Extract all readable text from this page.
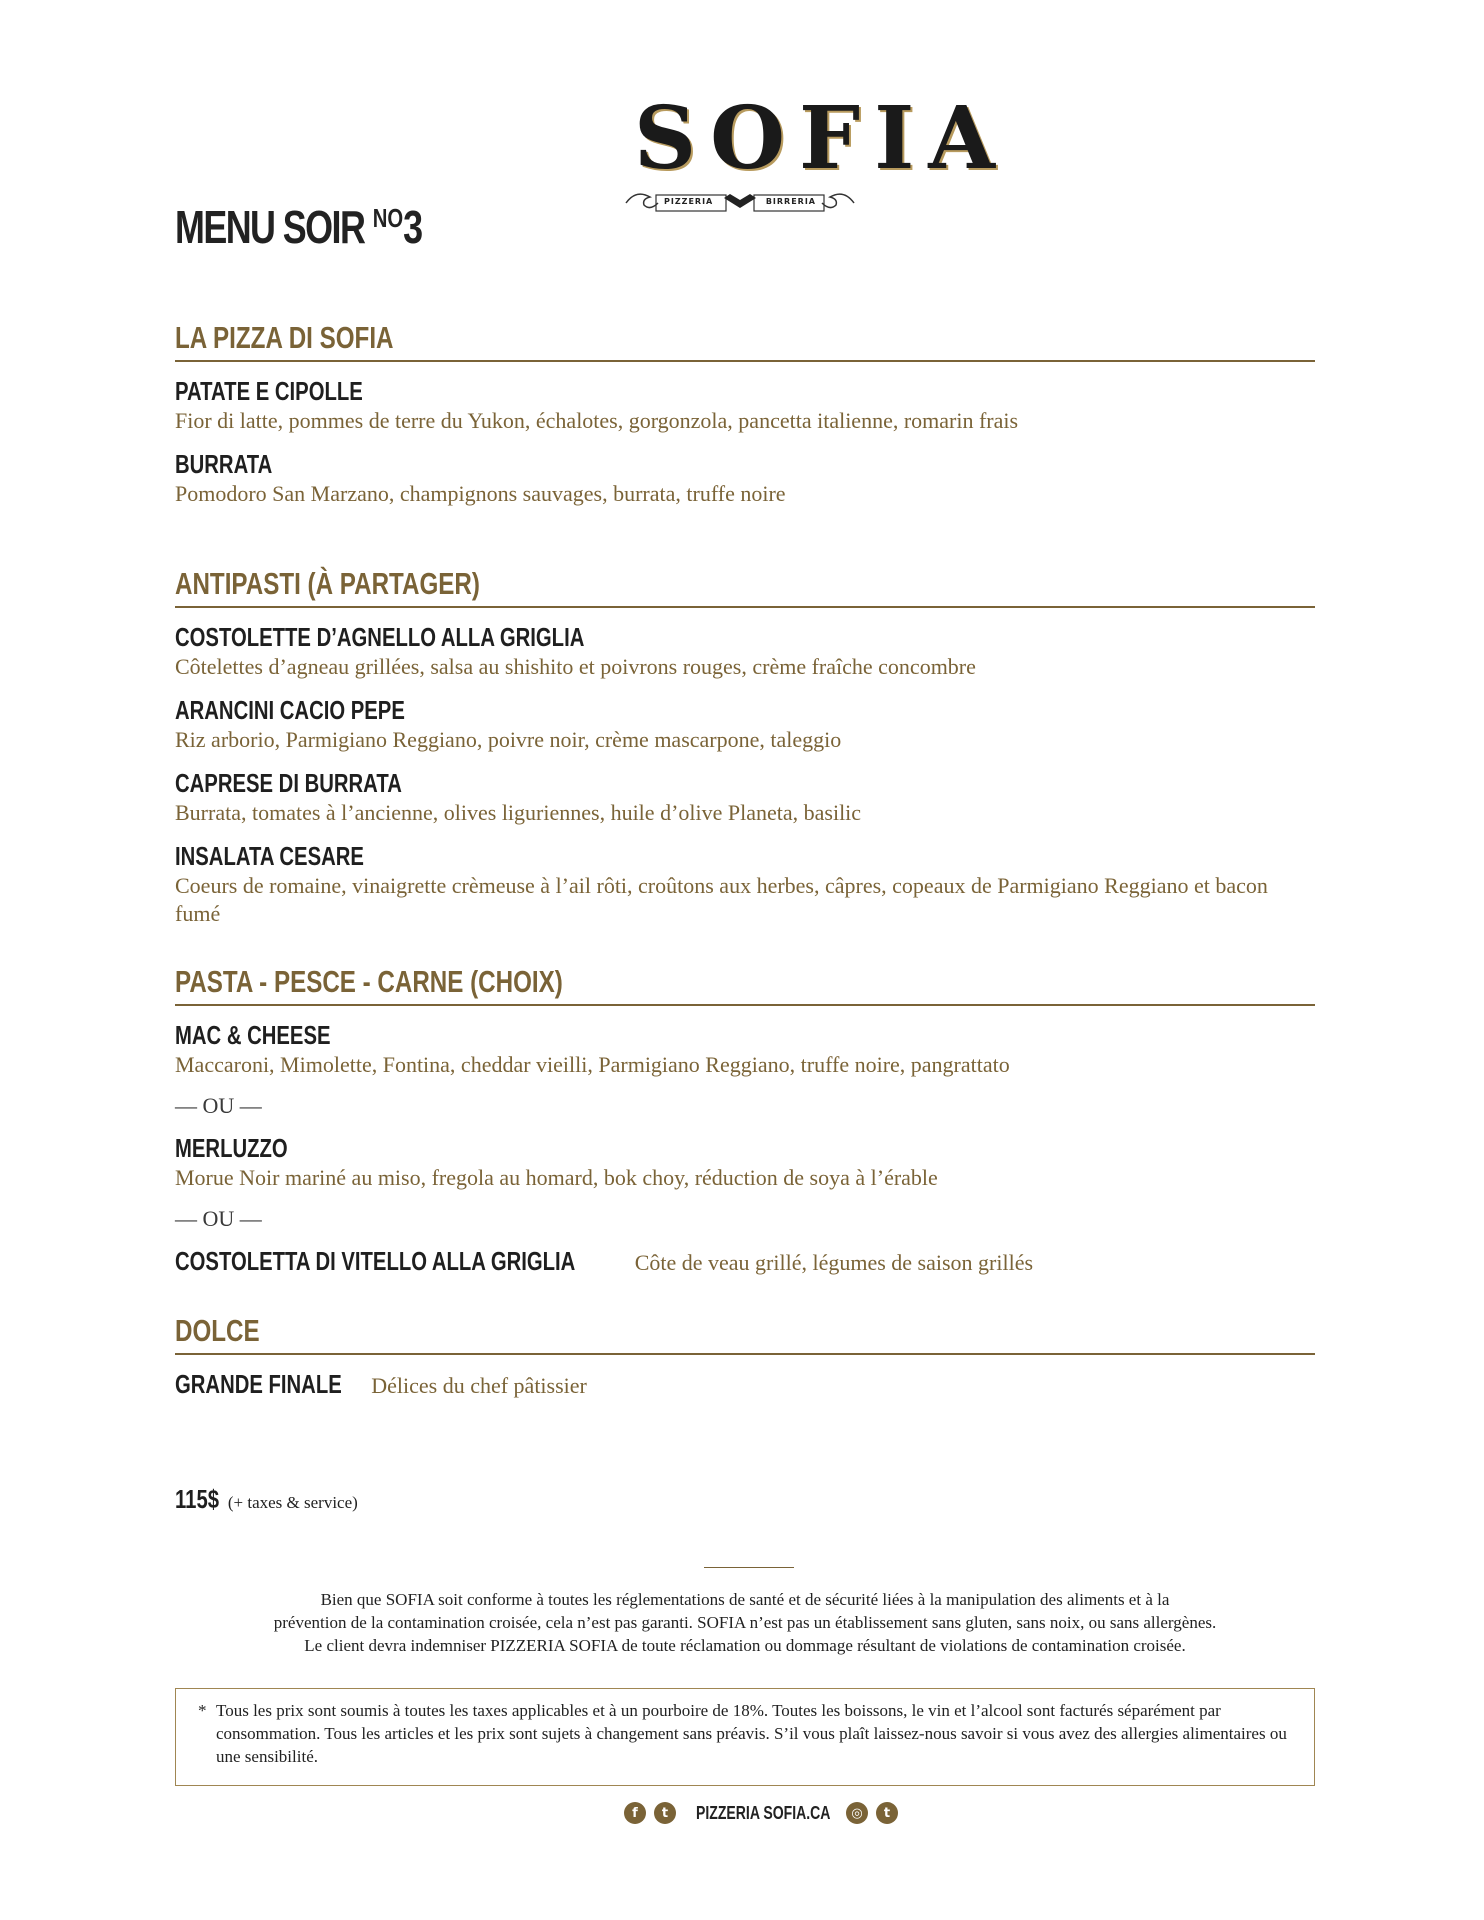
SOFIA
PIZZERIA	BIRRERIA
MENU SOIR $^{NO}$3
LA PIZZA DI SOFIA
PATATE E CIPOLLE
Fior di latte, pommes de terre du Yukon, échalotes, gorgonzola, pancetta italienne, romarin frais
BURRATA
Pomodoro San Marzano, champignons sauvages, burrata, truffe noire
ANTIPASTI (À PARTAGER)
COSTOLETTE D’AGNELLO ALLA GRIGLIA
Côtelettes d’agneau grillées, salsa au shishito et poivrons rouges, crème fraîche concombre
ARANCINI CACIO PEPE
Riz arborio, Parmigiano Reggiano, poivre noir, crème mascarpone, taleggio
CAPRESE DI BURRATA
Burrata, tomates à l’ancienne, olives liguriennes, huile d’olive Planeta, basilic
INSALATA CESARE
Coeurs de romaine, vinaigrette crèmeuse à l’ail rôti, croûtons aux herbes, câpres, copeaux de Parmigiano Reggiano et bacon fumé
PASTA - PESCE - CARNE (CHOIX)
MAC & CHEESE
Maccaroni, Mimolette, Fontina, cheddar vieilli, Parmigiano Reggiano, truffe noire, pangrattato
— OU —
MERLUZZO
Morue Noir mariné au miso, fregola au homard, bok choy, réduction de soya à l’érable
— OU —
COSTOLETTA DI VITELLO ALLA GRIGLIA	Côte de veau grillé, légumes de saison grillés
DOLCE
GRANDE FINALE Délices du chef pâtissier
115$ (+ taxes & service)
Bien que SOFIA soit conforme à toutes les réglementations de santé et de sécurité liées à la manipulation des aliments et à la
prévention de la contamination croisée, cela n’est pas garanti. SOFIA n’est pas un établissement sans gluten, sans noix, ou sans allergènes.
Le client devra indemniser PIZZERIA SOFIA de toute réclamation ou dommage résultant de violations de contamination croisée.
* Tous les prix sont soumis à toutes les taxes applicables et à un pourboire de 18%. Toutes les boissons, le vin et l’alcool sont facturés séparément par consommation. Tous les articles et les prix sont sujets à changement sans préavis. S’il vous plaît laissez-nous savoir si vous avez des allergies alimentaires ou une sensibilité.
f	t	PIZZERIA SOFIA.CA	◎	t
